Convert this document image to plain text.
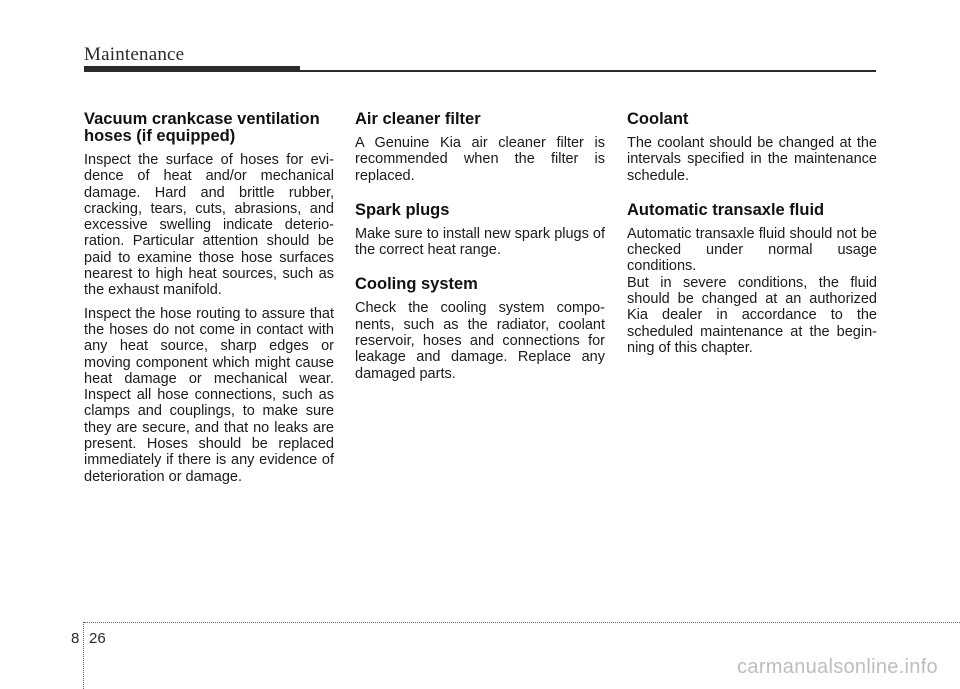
Maintenance
Vacuum crankcase ventilation hoses (if equipped)

Inspect the surface of hoses for evidence of heat and/or mechanical damage. Hard and brittle rubber, cracking, tears, cuts, abrasions, and excessive swelling indicate deterioration. Particular attention should be paid to examine those hose surfaces nearest to high heat sources, such as the exhaust manifold.

Inspect the hose routing to assure that the hoses do not come in contact with any heat source, sharp edges or moving component which might cause heat damage or mechanical wear. Inspect all hose connections, such as clamps and couplings, to make sure they are secure, and that no leaks are present. Hoses should be replaced immediately if there is any evidence of deterioration or damage.

Air cleaner filter

A Genuine Kia air cleaner filter is recommended when the filter is replaced.

Spark plugs

Make sure to install new spark plugs of the correct heat range.

Cooling system

Check the cooling system components, such as the radiator, coolant reservoir, hoses and connections for leakage and damage. Replace any damaged parts.

Coolant

The coolant should be changed at the intervals specified in the maintenance schedule.

Automatic transaxle fluid

Automatic transaxle fluid should not be checked under normal usage conditions.

But in severe conditions, the fluid should be changed at an authorized Kia dealer in accordance to the scheduled maintenance at the beginning of this chapter.

8 26
carmanualsonline.info
